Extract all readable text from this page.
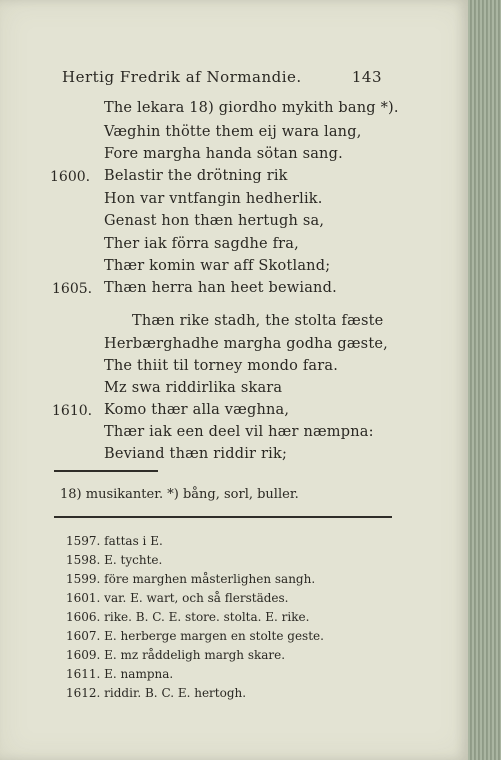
Hertig Fredrik af Normandie.	143
The lekara 18) giordho mykith bang *).
Væghin thötte them eij wara lang,
Fore margha handa sötan sang.
1600. Belastir the drötning rik
Hon var vntfangin hedherlik.
Genast hon thæn hertugh sa,
Ther iak förra sagdhe fra,
Thær komin war aff Skotland;
1605. Thæn herra han heet bewiand.
Thæn rike stadh, the stolta fæste
Herbærghadhe margha godha gæste,
The thiit til torney mondo fara.
Mz swa riddirlika skara
1610. Komo thær alla væghna,
Thær iak een deel vil hær næmpna:
Beviand thæn riddir rik;
18) musikanter. *) bång, sorl, buller.
1597. fattas i E.
1598. E. tychte.
1599. före marghen måsterlighen sangh.
1601. var. E. wart, och så flerstädes.
1606. rike. B. C. E. store. stolta. E. rike.
1607. E. herberge margen en stolte geste.
1609. E. mz råddeligh margh skare.
1611. E. nampna.
1612. riddir. B. C. E. hertogh.
